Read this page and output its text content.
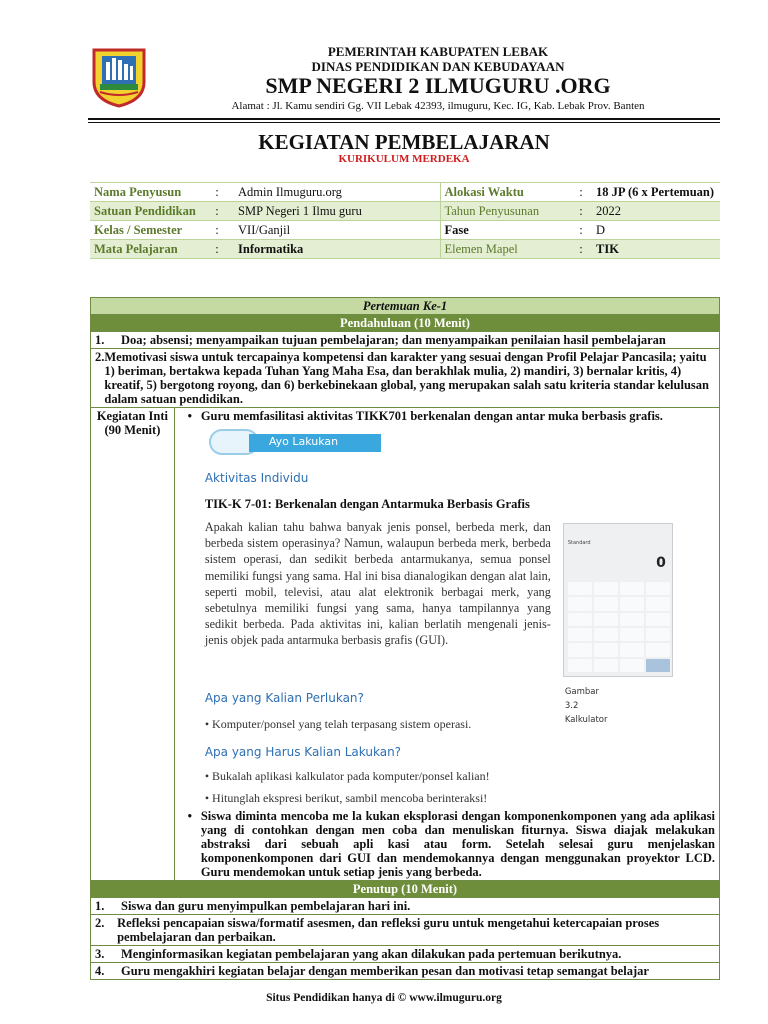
PEMERINTAH KABUPATEN LEBAK
DINAS PENDIDIKAN DAN KEBUDAYAAN
SMP NEGERI 2 ILMUGURU .ORG
Alamat : Jl. Kamu sendiri Gg. VII Lebak 42393, ilmuguru, Kec. IG, Kab. Lebak Prov. Banten
KEGIATAN PEMBELAJARAN
KURIKULUM MERDEKA
Nama Penyusun	:	Admin Ilmuguru.org	Alokasi Waktu	:	18 JP (6 x Pertemuan)
Satuan Pendidikan	:	SMP Negeri 1 Ilmu guru	Tahun Penyusunan	:	2022
Kelas / Semester	:	VII/Ganjil	Fase	:	D
Mata Pelajaran	:	Informatika	Elemen Mapel	:	TIK
Pertemuan Ke-1
Pendahuluan (10 Menit)

1.	Doa; absensi; menyampaikan tujuan pembelajaran; dan menyampaikan penilaian hasil pembelajaran

2. Memotivasi siswa untuk tercapainya kompetensi dan karakter yang sesuai dengan Profil Pelajar Pancasila; yaitu 1) beriman, bertakwa kepada Tuhan Yang Maha Esa, dan berakhlak mulia, 2) mandiri, 3) bernalar kritis, 4) kreatif, 5) bergotong royong, dan 6) berkebinekaan global, yang merupakan salah satu kriteria standar kelulusan dalam satuan pendidikan.

Kegiatan Inti (90 Menit)	
• Guru memfasilitasi aktivitas TIKK701 berkenalan dengan antar muka berbasis grafis.
Ayo Lakukan
Aktivitas Individu
TIK-K 7-01: Berkenalan dengan Antarmuka Berbasis Grafis
Apakah kalian tahu bahwa banyak jenis ponsel, berbeda merk, dan berbeda sistem operasinya? Namun, walaupun berbeda merk, berbeda sistem operasi, dan sedikit berbeda antarmukanya, semua ponsel memiliki fungsi yang sama. Hal ini bisa dianalogikan dengan alat lain, seperti mobil, televisi, atau alat elektronik berbagai merk, yang sebetulnya memiliki fungsi yang sama, hanya tampilannya yang sedikit berbeda. Pada aktivitas ini, kalian berlatih mengenali jenis-jenis objek pada antarmuka berbasis grafis (GUI).
Standard
0
Gambar 3.2 Kalkulator
Apa yang Kalian Perlukan?
• Komputer/ponsel yang telah terpasang sistem operasi.
Apa yang Harus Kalian Lakukan?
• Bukalah aplikasi kalkulator pada komputer/ponsel kalian!
• Hitunglah ekspresi berikut, sambil mencoba berinteraksi!
• Siswa diminta mencoba me la kukan eksplorasi dengan komponenkomponen yang ada aplikasi yang di contohkan dengan men coba dan menuliskan fiturnya. Siswa diajak melakukan abstraksi dari sebuah apli kasi atau form. Setelah selesai guru menjelaskan komponenkomponen dari GUI dan mendemokannya dengan menggunakan proyektor LCD. Guru mendemokan untuk setiap jenis yang berbeda.

Penutup (10 Menit)

1.	Siswa dan guru menyimpulkan pembelajaran hari ini.

2.	Refleksi pencapaian siswa/formatif asesmen, dan refleksi guru untuk mengetahui ketercapaian proses pembelajaran dan perbaikan.

3.	Menginformasikan kegiatan pembelajaran yang akan dilakukan pada pertemuan berikutnya.

4.	Guru mengakhiri kegiatan belajar dengan memberikan pesan dan motivasi tetap semangat belajar
Situs Pendidikan hanya di © www.ilmuguru.org
